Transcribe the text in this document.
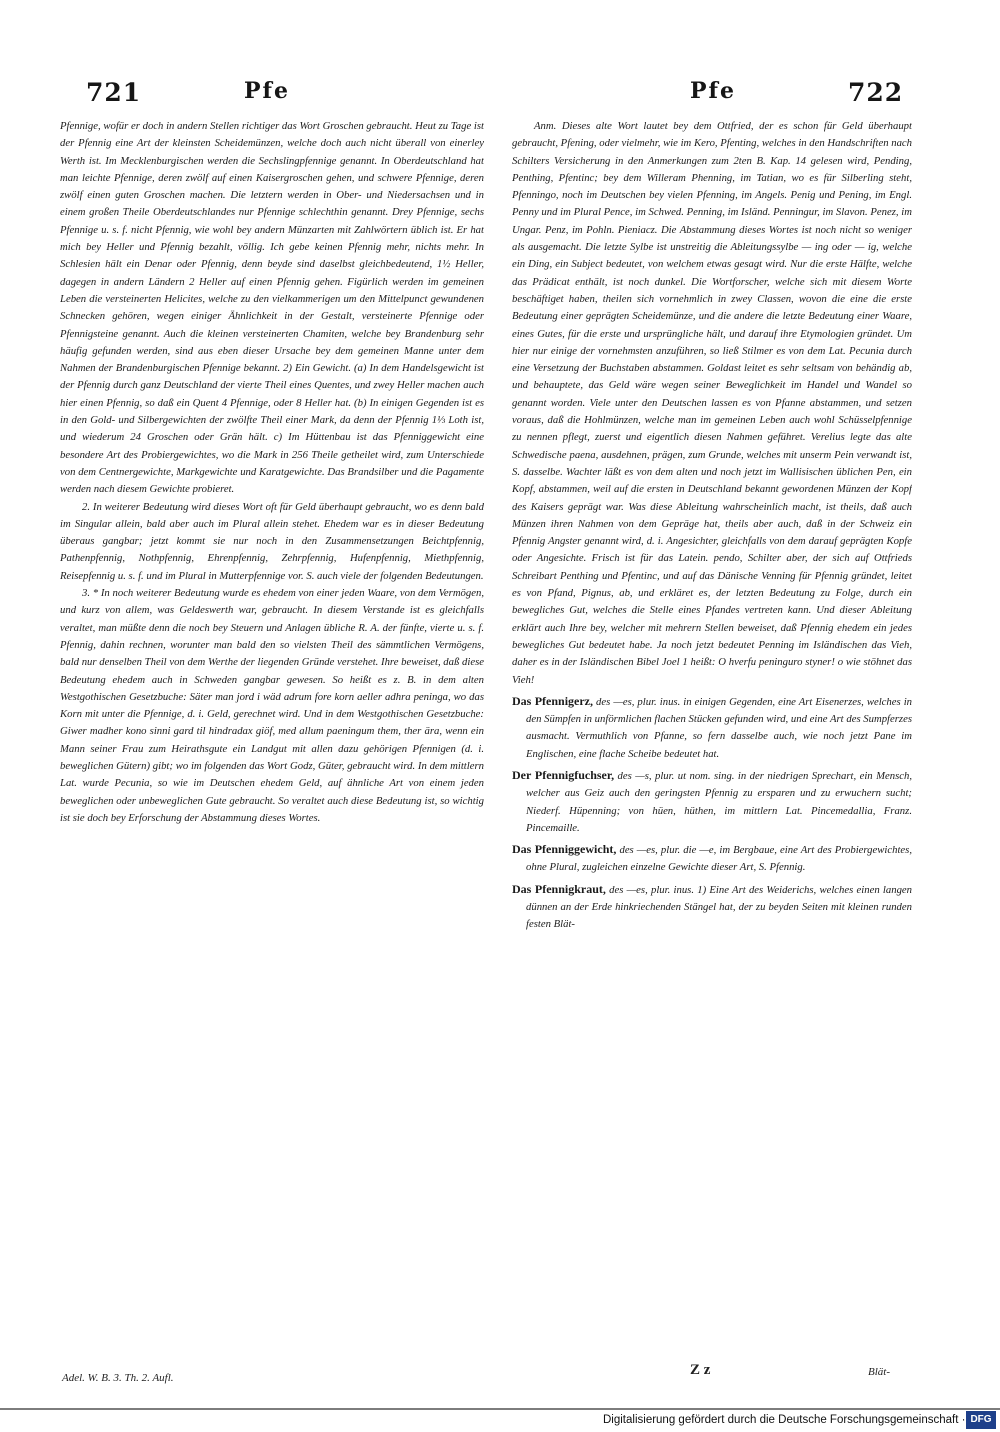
721	Pfe	Pfe	722

Pfennige, wofür er doch in andern Stellen richtiger das Wort Groschen gebraucht. Heut zu Tage ist der Pfennig eine Art der kleinsten Scheidemünzen, welche doch auch nicht überall von einerley Werth ist. Im Mecklenburgischen werden die Sechslingpfennige genannt. In Oberdeutschland hat man leichte Pfennige, deren zwölf auf einen Kaisergroschen gehen, und schwere Pfennige, deren zwölf einen guten Groschen machen. Die letztern werden in Ober- und Niedersachsen und in einem großen Theile Oberdeutschlandes nur Pfennige schlechthin genannt. Drey Pfennige, sechs Pfennige u. s. f. nicht Pfennig, wie wohl bey andern Münzarten mit Zahlwörtern üblich ist. Er hat mich bey Heller und Pfennig bezahlt, völlig. Ich gebe keinen Pfennig mehr, nichts mehr. In Schlesien hält ein Denar oder Pfennig, denn beyde sind daselbst gleichbedeutend, 1½ Heller, dagegen in andern Ländern 2 Heller auf einen Pfennig gehen. Figürlich werden im gemeinen Leben die versteinerten Helicites, welche zu den vielkammerigen um den Mittelpunct gewundenen Schnecken gehören, wegen einiger Ähnlichkeit in der Gestalt, versteinerte Pfennige oder Pfennigsteine genannt. Auch die kleinen versteinerten Chamiten, welche bey Brandenburg sehr häufig gefunden werden, sind aus eben dieser Ursache bey dem gemeinen Manne unter dem Nahmen der Brandenburgischen Pfennige bekannt. 2) Ein Gewicht. (a) In dem Handelsgewicht ist der Pfennig durch ganz Deutschland der vierte Theil eines Quentes, und zwey Heller machen auch hier einen Pfennig, so daß ein Quent 4 Pfennige, oder 8 Heller hat. (b) In einigen Gegenden ist es in den Gold- und Silbergewichten der zwölfte Theil einer Mark, da denn der Pfennig 1⅓ Loth ist, und wiederum 24 Groschen oder Grän hält. c) Im Hüttenbau ist das Pfenniggewicht eine besondere Art des Probiergewichtes, wo die Mark in 256 Theile getheilet wird, zum Unterschiede von dem Centnergewichte, Markgewichte und Karatgewichte. Das Brandsilber und die Pagamente werden nach diesem Gewichte probieret.

2. In weiterer Bedeutung wird dieses Wort oft für Geld überhaupt gebraucht, wo es denn bald im Singular allein, bald aber auch im Plural allein stehet. Ehedem war es in dieser Bedeutung überaus gangbar; jetzt kommt sie nur noch in den Zusammensetzungen Beichtpfennig, Pathenpfennig, Nothpfennig, Ehrenpfennig, Zehrpfennig, Hufenpfennig, Miethpfennig, Reisepfennig u. s. f. und im Plural in Mutterpfennige vor. S. auch viele der folgenden Bedeutungen.

3. * In noch weiterer Bedeutung wurde es ehedem von einer jeden Waare, von dem Vermögen, und kurz von allem, was Geldeswerth war, gebraucht. In diesem Verstande ist es gleichfalls veraltet, man müßte denn die noch bey Steuern und Anlagen übliche R. A. der fünfte, vierte u. s. f. Pfennig, dahin rechnen, worunter man bald den so vielsten Theil des sämmtlichen Vermögens, bald nur denselben Theil von dem Werthe der liegenden Gründe verstehet. Ihre beweiset, daß diese Bedeutung ehedem auch in Schweden gangbar gewesen. So heißt es z. B. in dem alten Westgothischen Gesetzbuche: Säter man jord i wäd adrum fore korn aeller adhra peninga, wo das Korn mit unter die Pfennige, d. i. Geld, gerechnet wird. Und in dem Westgothischen Gesetzbuche: Giwer madher kono sinni gard til hindradax giöf, med allum paeningum them, ther ära, wenn ein Mann seiner Frau zum Heirathsgute ein Landgut mit allen dazu gehörigen Pfennigen (d. i. beweglichen Gütern) gibt; wo im folgenden das Wort Godz, Güter, gebraucht wird. In dem mittlern Lat. wurde Pecunia, so wie im Deutschen ehedem Geld, auf ähnliche Art von einem jeden beweglichen oder unbeweglichen Gute gebraucht. So veraltet auch diese Bedeutung ist, so wichtig ist sie doch bey Erforschung der Abstammung dieses Wortes.

Adel. W. B. 3. Th. 2. Aufl.

Anm. Dieses alte Wort lautet bey dem Ottfried, der es schon für Geld überhaupt gebraucht, Pfening, oder vielmehr, wie im Kero, Pfenting, welches in den Handschriften nach Schilters Versicherung in den Anmerkungen zum 2ten B. Kap. 14 gelesen wird, Pending, Penthing, Pfentinc; bey dem Willeram Phenning, im Tatian, wo es für Silberling steht, Pfenningo, noch im Deutschen bey vielen Pfenning, im Angels. Penig und Pening, im Engl. Penny und im Plural Pence, im Schwed. Penning, im Isländ. Penningur, im Slavon. Penez, im Ungar. Penz, im Pohln. Pieniacz. Die Abstammung dieses Wortes ist noch nicht so weniger als ausgemacht. Die letzte Sylbe ist unstreitig die Ableitungssylbe — ing oder — ig, welche ein Ding, ein Subject bedeutet, von welchem etwas gesagt wird. Nur die erste Hälfte, welche das Prädicat enthält, ist noch dunkel. Die Wortforscher, welche sich mit diesem Worte beschäftiget haben, theilen sich vornehmlich in zwey Classen, wovon die eine die erste Bedeutung einer geprägten Scheidemünze, und die andere die letzte Bedeutung einer Waare, eines Gutes, für die erste und ursprüngliche hält, und darauf ihre Etymologien gründet. Um hier nur einige der vornehmsten anzuführen, so ließ Stilmer es von dem Lat. Pecunia durch eine Versetzung der Buchstaben abstammen. Goldast leitet es sehr seltsam von behändig ab, und behauptete, das Geld wäre wegen seiner Beweglichkeit im Handel und Wandel so genannt worden. Viele unter den Deutschen lassen es von Pfanne abstammen, und setzen voraus, daß die Hohlmünzen, welche man im gemeinen Leben auch wohl Schüsselpfennige zu nennen pflegt, zuerst und eigentlich diesen Nahmen geführet. Verelius legte das alte Schwedische paena, ausdehnen, prägen, zum Grunde, welches mit unserm Pein verwandt ist, S. dasselbe. Wachter läßt es von dem alten und noch jetzt im Wallisischen üblichen Pen, ein Kopf, abstammen, weil auf die ersten in Deutschland bekannt gewordenen Münzen der Kopf des Kaisers geprägt war. Was diese Ableitung wahrscheinlich macht, ist theils, daß auch Münzen ihren Nahmen von dem Gepräge hat, theils aber auch, daß in der Schweiz ein Pfennig Angster genannt wird, d. i. Angesichter, gleichfalls von dem darauf geprägten Kopfe oder Angesichte. Frisch ist für das Latein. pendo, Schilter aber, der sich auf Ottfrieds Schreibart Penthing und Pfentinc, und auf das Dänische Venning für Pfennig gründet, leitet es von Pfand, Pignus, ab, und erkläret es, der letzten Bedeutung zu Folge, durch ein bewegliches Gut, welches die Stelle eines Pfandes vertreten kann. Und dieser Ableitung erklärt auch Ihre bey, welcher mit mehrern Stellen beweiset, daß Pfennig ehedem ein jedes bewegliches Gut bedeutet habe. Ja noch jetzt bedeutet Penning im Isländischen das Vieh, daher es in der Isländischen Bibel Joel 1 heißt: O hverfu peninguro styner! o wie stöhnet das Vieh!

Das Pfennigerz, des —es, plur. inus. in einigen Gegenden, eine Art Eisenerzes, welches in den Sümpfen in unförmlichen flachen Stücken gefunden wird, und eine Art des Sumpferzes ausmacht. Vermuthlich von Pfanne, so fern dasselbe auch, wie noch jetzt Pane im Englischen, eine flache Scheibe bedeutet hat.

Der Pfennigfuchser, des —s, plur. ut nom. sing. in der niedrigen Sprechart, ein Mensch, welcher aus Geiz auch den geringsten Pfennig zu ersparen und zu erwuchern sucht; Niederf. Hüpenning; von hüen, hüthen, im mittlern Lat. Pincemedallia, Franz. Pincemaille.

Das Pfenniggewicht, des —es, plur. die —e, im Bergbaue, eine Art des Probiergewichtes, ohne Plural, zugleichen einzelne Gewichte dieser Art, S. Pfennig.

Das Pfennigkraut, des —es, plur. inus. 1) Eine Art des Weiderichs, welches einen langen dünnen an der Erde hinkriechenden Stängel hat, der zu beyden Seiten mit kleinen runden festen Blät-

Z z	Blät-
Digitalisierung gefördert durch die Deutsche Forschungsgemeinschaft · DFG
